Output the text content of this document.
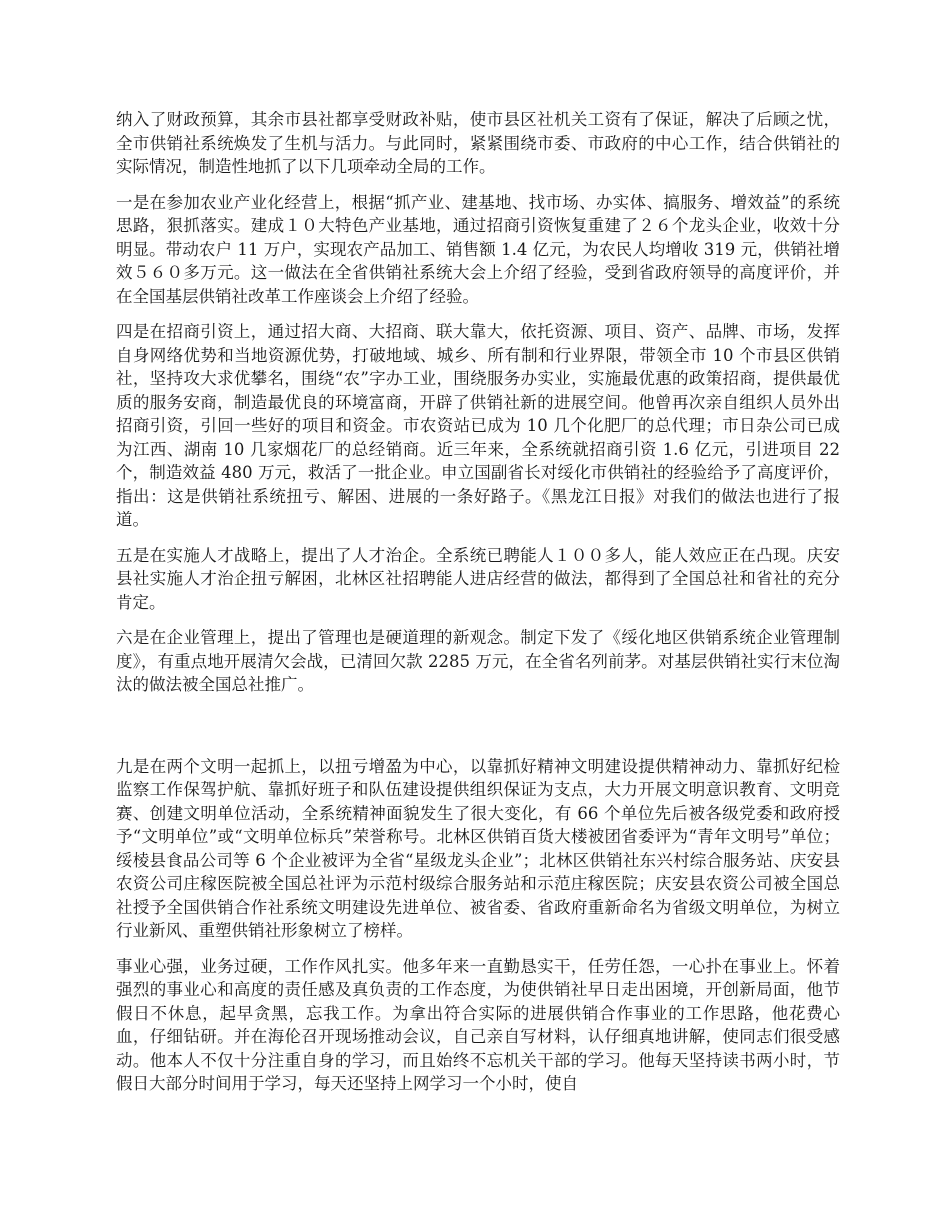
纳入了财政预算，其余市县社都享受财政补贴，使市县区社机关工资有了保证，解决了后顾之忧，全市供销社系统焕发了生机与活力。与此同时，紧紧围绕市委、市政府的中心工作，结合供销社的实际情况，制造性地抓了以下几项牵动全局的工作。

一是在参加农业产业化经营上，根据“抓产业、建基地、找市场、办实体、搞服务、增效益”的系统思路，狠抓落实。建成１０大特色产业基地，通过招商引资恢复重建了２６个龙头企业，收效十分明显。带动农户 11 万户，实现农产品加工、销售额 1.4 亿元，为农民人均增收 319 元，供销社增效５６０多万元。这一做法在全省供销社系统大会上介绍了经验，受到省政府领导的高度评价，并在全国基层供销社改革工作座谈会上介绍了经验。

四是在招商引资上，通过招大商、大招商、联大靠大，依托资源、项目、资产、品牌、市场，发挥自身网络优势和当地资源优势，打破地域、城乡、所有制和行业界限，带领全市 10 个市县区供销社，坚持攻大求优攀名，围绕“农”字办工业，围绕服务办实业，实施最优惠的政策招商，提供最优质的服务安商，制造最优良的环境富商，开辟了供销社新的进展空间。他曾再次亲自组织人员外出招商引资，引回一些好的项目和资金。市农资站已成为 10 几个化肥厂的总代理；市日杂公司已成为江西、湖南 10 几家烟花厂的总经销商。近三年来，全系统就招商引资 1.6 亿元，引进项目 22 个，制造效益 480 万元，救活了一批企业。申立国副省长对绥化市供销社的经验给予了高度评价，指出：这是供销社系统扭亏、解困、进展的一条好路子。《黑龙江日报》对我们的做法也进行了报道。

五是在实施人才战略上，提出了人才治企。全系统已聘能人１００多人，能人效应正在凸现。庆安县社实施人才治企扭亏解困，北林区社招聘能人进店经营的做法，都得到了全国总社和省社的充分肯定。

六是在企业管理上，提出了管理也是硬道理的新观念。制定下发了《绥化地区供销系统企业管理制度》，有重点地开展清欠会战，已清回欠款 2285 万元，在全省名列前茅。对基层供销社实行末位淘汰的做法被全国总社推广。

九是在两个文明一起抓上，以扭亏增盈为中心，以靠抓好精神文明建设提供精神动力、靠抓好纪检监察工作保驾护航、靠抓好班子和队伍建设提供组织保证为支点，大力开展文明意识教育、文明竞赛、创建文明单位活动，全系统精神面貌发生了很大变化，有 66 个单位先后被各级党委和政府授予“文明单位”或“文明单位标兵”荣誉称号。北林区供销百货大楼被团省委评为“青年文明号”单位；绥棱县食品公司等 6 个企业被评为全省“星级龙头企业”；北林区供销社东兴村综合服务站、庆安县农资公司庄稼医院被全国总社评为示范村级综合服务站和示范庄稼医院；庆安县农资公司被全国总社授予全国供销合作社系统文明建设先进单位、被省委、省政府重新命名为省级文明单位，为树立行业新风、重塑供销社形象树立了榜样。

事业心强，业务过硬，工作作风扎实。他多年来一直勤恳实干，任劳任怨，一心扑在事业上。怀着强烈的事业心和高度的责任感及真负责的工作态度，为使供销社早日走出困境，开创新局面，他节假日不休息，起早贪黑，忘我工作。为拿出符合实际的进展供销合作事业的工作思路，他花费心血，仔细钻研。并在海伦召开现场推动会议，自己亲自写材料，认仔细真地讲解，使同志们很受感动。他本人不仅十分注重自身的学习，而且始终不忘机关干部的学习。他每天坚持读书两小时，节假日大部分时间用于学习，每天还坚持上网学习一个小时，使自
